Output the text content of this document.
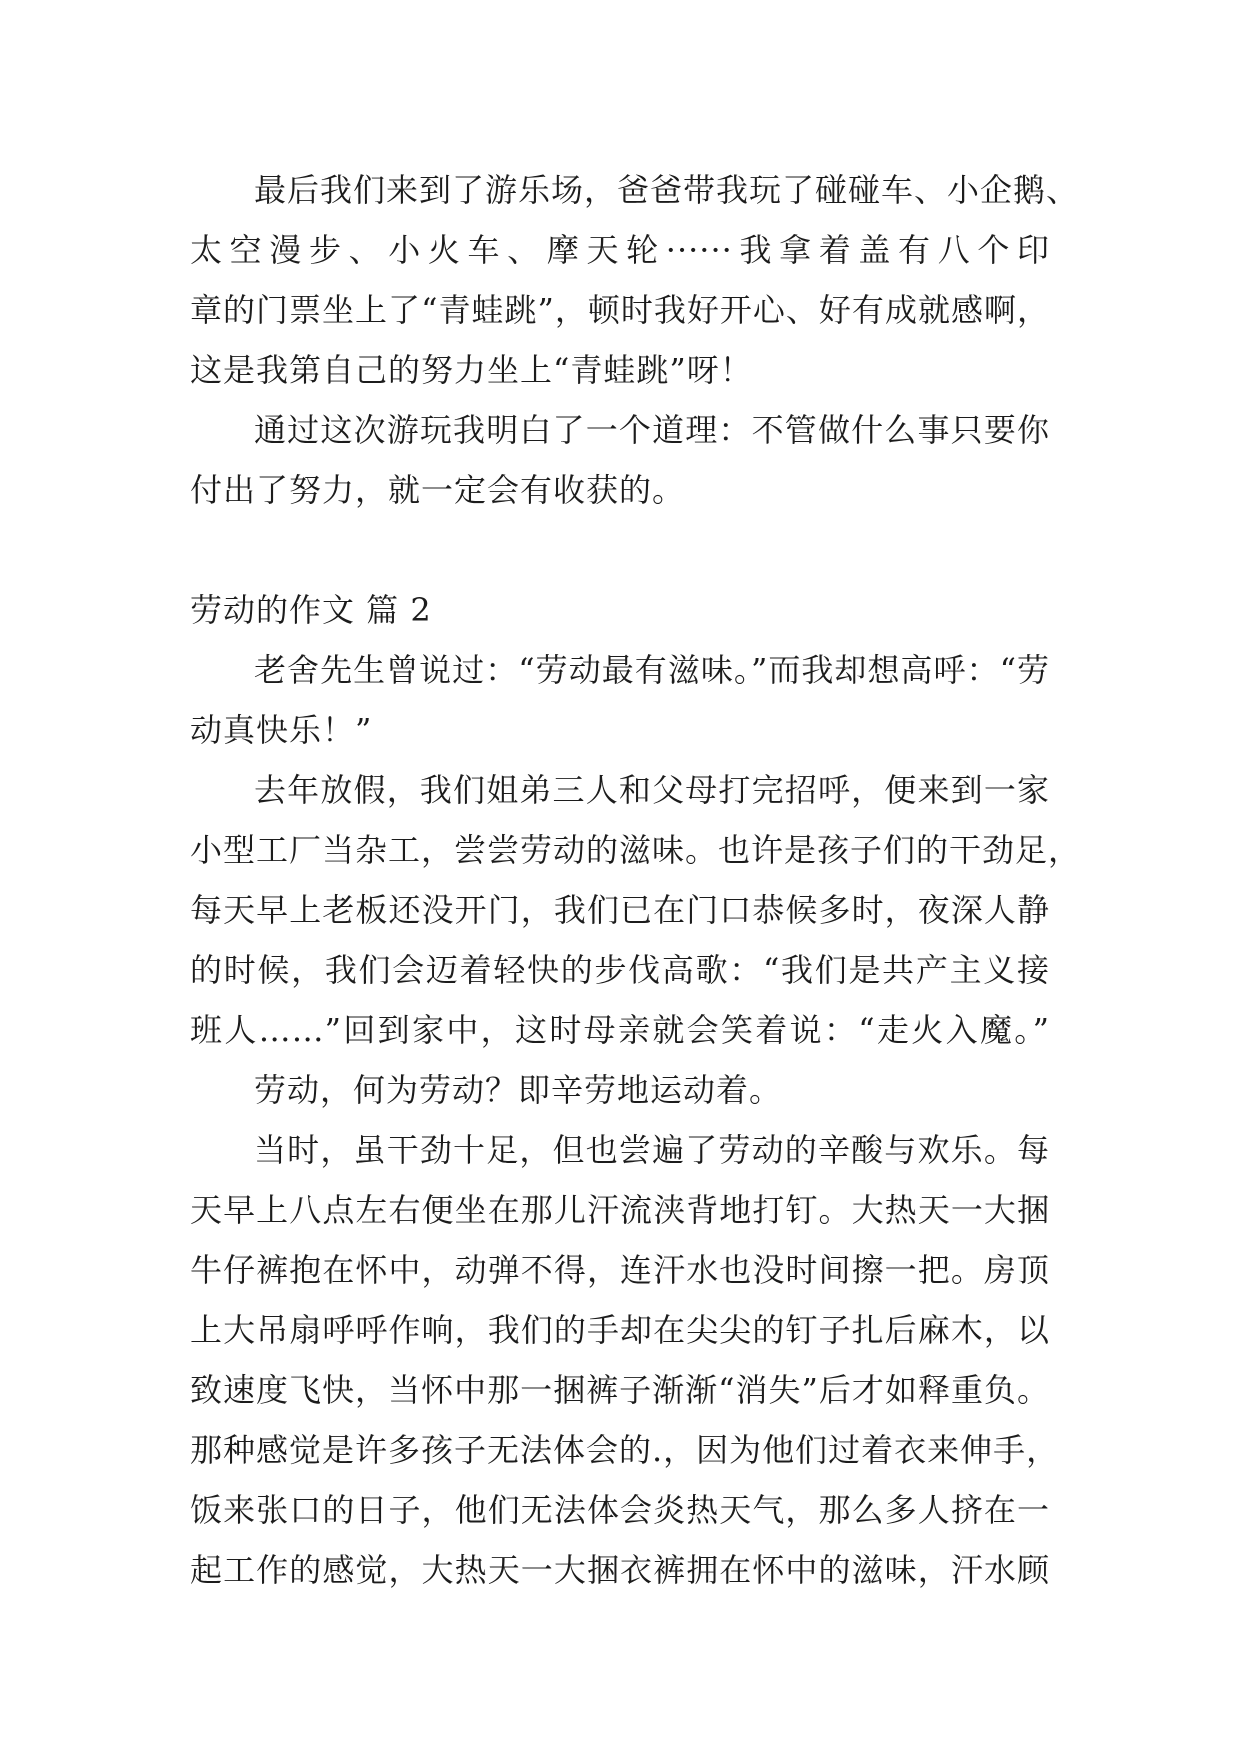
最后我们来到了游乐场，爸爸带我玩了碰碰车、小企鹅、
太空漫步、小火车、摩天轮······我拿着盖有八个印
章的门票坐上了“青蛙跳”，顿时我好开心、好有成就感啊，
这是我第自己的努力坐上“青蛙跳”呀！
通过这次游玩我明白了一个道理：不管做什么事只要你
付出了努力，就一定会有收获的。
劳动的作文 篇 2
老舍先生曾说过：“劳动最有滋味。”而我却想高呼：“劳
动真快乐！”
去年放假，我们姐弟三人和父母打完招呼，便来到一家
小型工厂当杂工，尝尝劳动的滋味。也许是孩子们的干劲足，
每天早上老板还没开门，我们已在门口恭候多时，夜深人静
的时候，我们会迈着轻快的步伐高歌：“我们是共产主义接
班人……”回到家中，这时母亲就会笑着说：“走火入魔。”
劳动，何为劳动？即辛劳地运动着。
当时，虽干劲十足，但也尝遍了劳动的辛酸与欢乐。每
天早上八点左右便坐在那儿汗流浃背地打钉。大热天一大捆
牛仔裤抱在怀中，动弹不得，连汗水也没时间擦一把。房顶
上大吊扇呼呼作响，我们的手却在尖尖的钉子扎后麻木，以
致速度飞快，当怀中那一捆裤子渐渐“消失”后才如释重负。
那种感觉是许多孩子无法体会的.，因为他们过着衣来伸手，
饭来张口的日子，他们无法体会炎热天气，那么多人挤在一
起工作的感觉，大热天一大捆衣裤拥在怀中的滋味，汗水顾
